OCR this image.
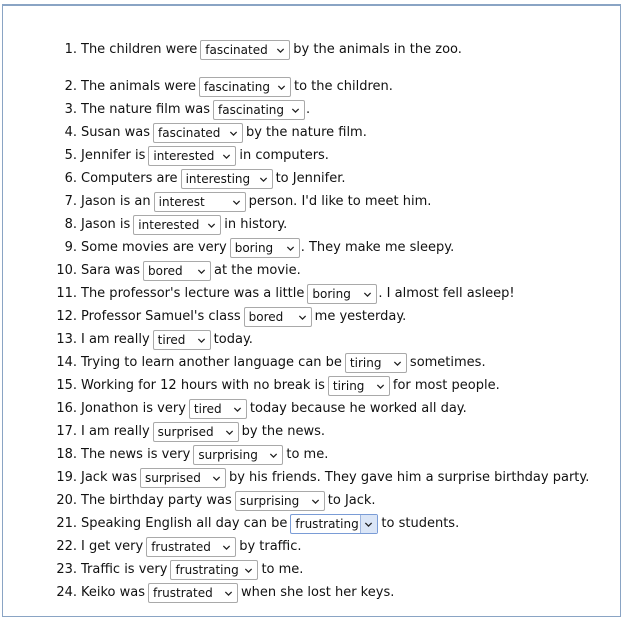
1. The children were fascinated by the animals in the zoo.
2. The animals were fascinating to the children.
3. The nature film was fascinating .
4. Susan was fascinated by the nature film.
5. Jennifer is interested in computers.
6. Computers are interesting to Jennifer.
7. Jason is an interest	person. I'd like to meet him.
8. Jason is interested in history.
9. Some movies are very boring . They make me sleepy.
10. Sara was bored at the movie.
11. The professor's lecture was a little boring . I almost fell asleep!
12. Professor Samuel's class bored me yesterday.
13. I am really tired today.
14. Trying to learn another language can be tiring sometimes.
15. Working for 12 hours with no break is tiring for most people.
16. Jonathon is very tired today because he worked all day.
17. I am really surprised by the news.
18. The news is very surprising to me.
19. Jack was surprised by his friends. They gave him a surprise birthday party.
20. The birthday party was surprising to Jack.
21. Speaking English all day can be frustrating to students.
22. I get very frustrated by traffic.
23. Traffic is very frustrating to me.
24. Keiko was frustrated when she lost her keys.
